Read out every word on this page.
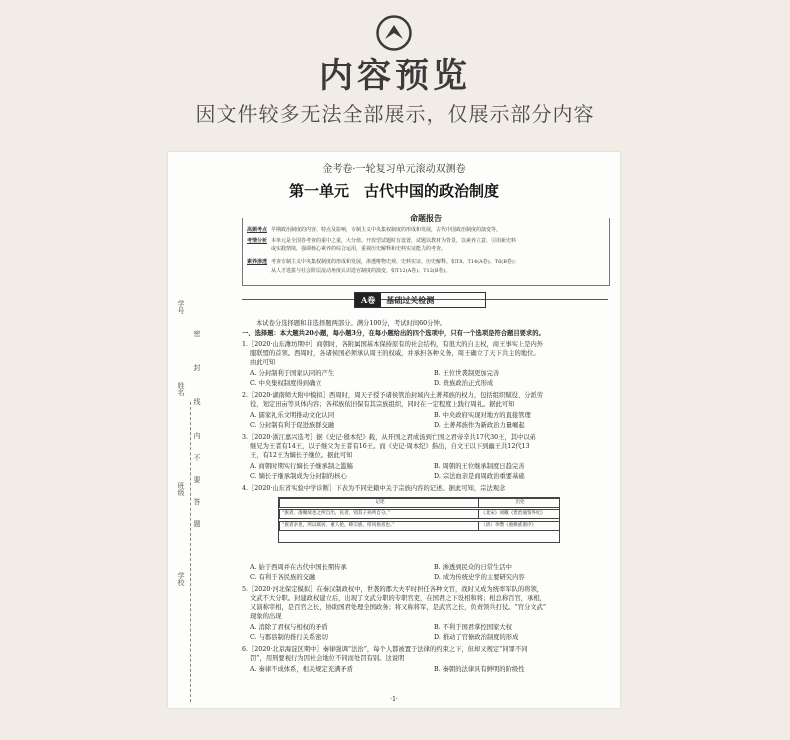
内容预览
因文件较多无法全部展示，仅展示部分内容
学号
姓名
班级
学校
密
封
线
内
不
要
答
题
金考卷·一轮复习单元滚动双测卷
第一单元　古代中国的政治制度
命题报告
高频考点 早期政治制度的内容、特点及影响，专制主义中央集权制度的形成和发展，古代中国政治制度的演变等。
考情分析 本单元是全国卷考查的重中之重，大分值、开放型试题时有设置，试题以教材为背景，以素养立意，引用新史料
或实践情境，强调核心素养的综合运用，重视历史解释和史料实证能力的考查。
素养渗透 考查专制主义中央集权制度的形成和发展，渗透唯物史观、史料实证、历史解释。如T8、T14(A卷)、T6(B卷)；
从人才选拔与社会阶层流动角度认识选官制度的演变，如T12(A卷)、T12(B卷)。
A卷 基础过关检测
本试卷分选择题和非选择题两部分。满分100分，考试时间60分钟。
一、选择题：本大题共20小题，每小题3分，在每小题给出的四个选项中，只有一个选项是符合题目要求的。
1.［2020·山东潍坊期中］商朝时，各附属国基本保持原有的社会结构，有很大的自主权，商王事实上是内外
服联盟的首领。西周时，各诸侯国必须承认周王的权威，并承担各种义务，周王确立了天下共主的地位。
由此可知
A. 分封制利于国家认同的产生	B. 王位世袭制更加完善
C. 中央集权制度得到确立	D. 贵族政治正式形成
2.［2020·湖南师大附中模拟］西周时，周天子授予诸侯管治封域内土著邦族的权力，包括组织赋役、分派劳
役，划定田亩等具体内容；各邦族依旧保有其宗族组织，同时在一定程度上践行周礼。据此可知
A. 儒家礼乐文明推动文化认同	B. 中央政府实现对地方的直接管理
C. 分封制有利于促进族群交融	D. 土著邦族作为新政治力量崛起
3.［2020·浙江嘉兴选考］据《史记·殷本纪》载，从开国之君成汤到亡国之君帝辛共17代30王，其中以弟
继兄为王者有14王，以子继父为王者有16王。而《史记·周本纪》指出，自文王以下到幽王共12代13
王，有12王为嫡长子继位。据此可知
A. 商朝时期实行嫡长子继承制之滥觞	B. 周朝的王位继承制度日趋完善
C. 嫡长子继承制成为分封制的核心	D. 宗法血亲是商周政治重要基础
4.［2020·山东省实验中学诊断］下表为不同史籍中关于宗族内容的记述。据此可知，宗法观念
记述	出处
“族者，凑聚故也之所自出，民者，别其子孙所自分。”	《北宋》刘敞《贵治通鉴外纪》
“族者亲也，所以联居，重人伦，睦宗族，厚风俗焉也。”	（清）李缵《重修族谱序》
A. 始于西周并在古代中国长期传承	B. 渗透到民众的日常生活中
C. 有利于各民族的交融	D. 成为传统史学的主要研究内容
5.［2020·河北保定模拟］在秦汉制政权中，世袭的郡大夫平时担任各种文官，战时又成为统率军队的将领，
文武不大分职。封建政权建立后，出现了文武分职的专职官吏，在国君之下设相和将；相总称百官，承相，
又演称宰相，是百官之长，协助国君处理全国政务；将又称将军，是武官之长，负责领兵打仗。“官分文武”
现象的出现
A. 消除了君权与相权的矛盾	B. 不利于国君掌控国家大权
C. 与郡县制的推行关系密切	D. 推动了官僚政治制度的形成
6.［2020·北京海淀区期中］秦律强调“法治”，每个人都被置于法律的约束之下，但却又规定“同罪不同
罚”，用刑要视行为因社会地位不同而处罚有别。这说明
A. 秦律不成体系，相关规定充满矛盾	B. 秦朝的法律具有鲜明的阶级性
·1·
